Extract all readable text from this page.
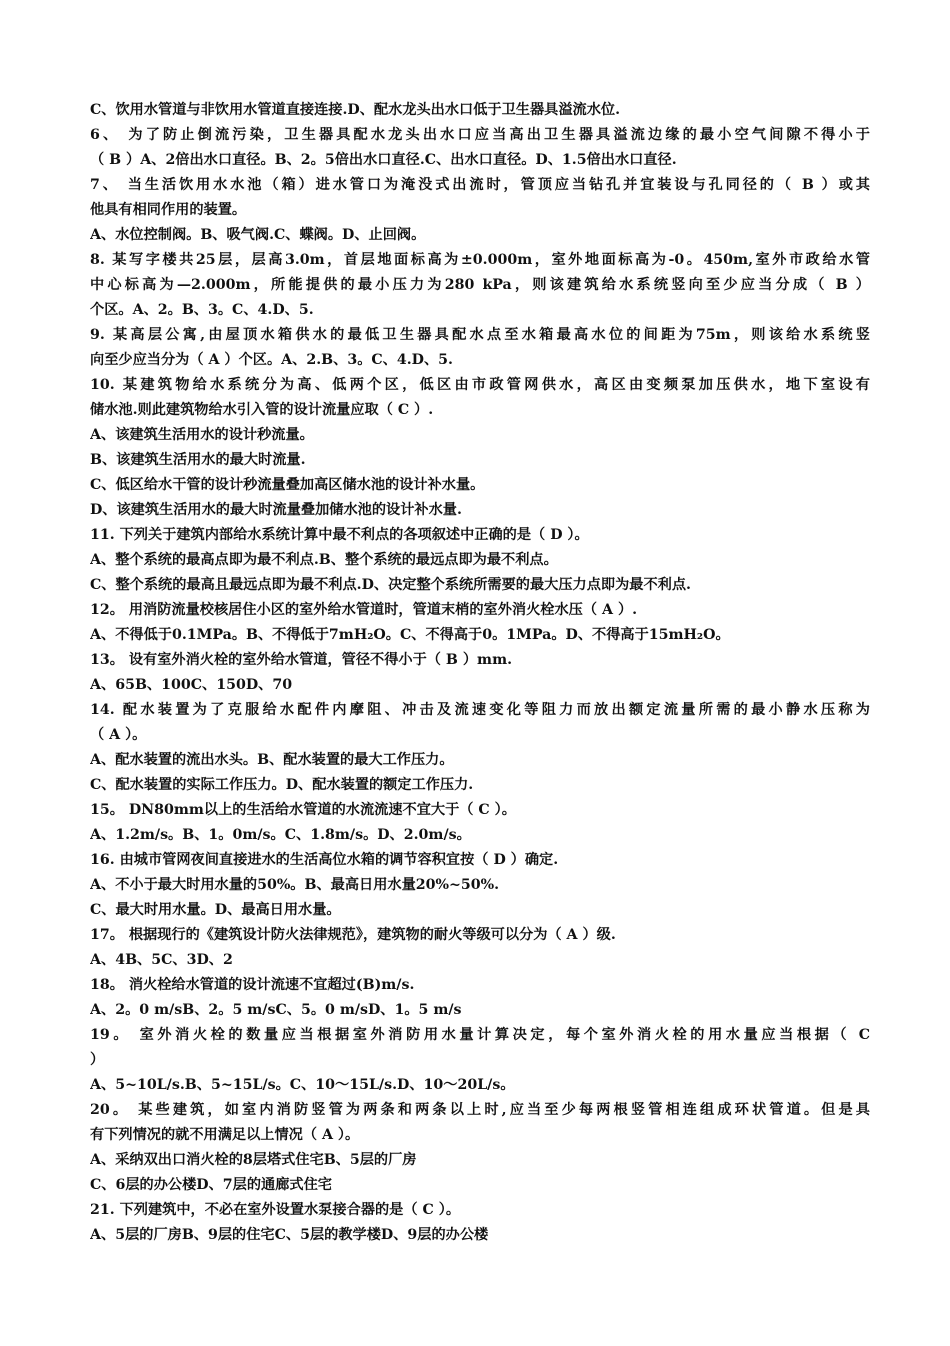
C、饮用水管道与非饮用水管道直接连接.D、配水龙头出水口低于卫生器具溢流水位.
6、 为了防止倒流污染，卫生器具配水龙头出水口应当高出卫生器具溢流边缘的最小空气间隙不得小于
（ B ）A、2倍出水口直径。B、2。5倍出水口直径.C、出水口直径。D、1.5倍出水口直径.
7、 当生活饮用水水池（箱）进水管口为淹没式出流时，管顶应当钻孔并宜装设与孔同径的（ B ）或其
他具有相同作用的装置。
A、水位控制阀。B、吸气阀.C、蝶阀。D、止回阀。
8. 某写字楼共25层，层高3.0m，首层地面标高为±0.000m，室外地面标高为-0。450m,室外市政给水管
中心标高为—2.000m，所能提供的最小压力为280 kPa，则该建筑给水系统竖向至少应当分成（ B ）
个区。A、2。B、3。C、4.D、5.
9. 某高层公寓,由屋顶水箱供水的最低卫生器具配水点至水箱最高水位的间距为75m，则该给水系统竖
向至少应当分为（ A ）个区。A、2.B、3。C、4.D、5.
10. 某建筑物给水系统分为高、低两个区，低区由市政管网供水，高区由变频泵加压供水，地下室设有
储水池.则此建筑物给水引入管的设计流量应取（ C ）.
A、该建筑生活用水的设计秒流量。
B、该建筑生活用水的最大时流量.
C、低区给水干管的设计秒流量叠加高区储水池的设计补水量。
D、该建筑生活用水的最大时流量叠加储水池的设计补水量.
11. 下列关于建筑内部给水系统计算中最不利点的各项叙述中正确的是（ D ）。
A、整个系统的最高点即为最不利点.B、整个系统的最远点即为最不利点。
C、整个系统的最高且最远点即为最不利点.D、决定整个系统所需要的最大压力点即为最不利点.
12。 用消防流量校核居住小区的室外给水管道时，管道末梢的室外消火栓水压（ A ）.
A、不得低于0.1MPa。B、不得低于7mH₂O。C、不得高于0。1MPa。D、不得高于15mH₂O。
13。 设有室外消火栓的室外给水管道，管径不得小于（ B ）mm.
A、65B、100C、150D、70
14. 配水装置为了克服给水配件内摩阻、冲击及流速变化等阻力而放出额定流量所需的最小静水压称为
（ A ）。
A、配水装置的流出水头。B、配水装置的最大工作压力。
C、配水装置的实际工作压力。D、配水装置的额定工作压力.
15。 DN80mm以上的生活给水管道的水流流速不宜大于（ C ）。
A、1.2m/s。B、1。0m/s。C、1.8m/s。D、2.0m/s。
16. 由城市管网夜间直接进水的生活高位水箱的调节容积宜按（ D ）确定.
A、不小于最大时用水量的50%。B、最高日用水量20%~50%.
C、最大时用水量。D、最高日用水量。
17。 根据现行的《建筑设计防火法律规范》，建筑物的耐火等级可以分为（ A ）级.
A、4B、5C、3D、2
18。 消火栓给水管道的设计流速不宜超过(B)m/s.
A、2。0 m/sB、2。5 m/sC、5。0 m/sD、1。5 m/s
19。 室外消火栓的数量应当根据室外消防用水量计算决定，每个室外消火栓的用水量应当根据（ C
）
A、5~10L/s.B、5~15L/s。C、10～15L/s.D、10～20L/s。
20。 某些建筑，如室内消防竖管为两条和两条以上时,应当至少每两根竖管相连组成环状管道。但是具
有下列情况的就不用满足以上情况（ A ）。
A、采纳双出口消火栓的8层塔式住宅B、5层的厂房
C、6层的办公楼D、7层的通廊式住宅
21. 下列建筑中，不必在室外设置水泵接合器的是（ C ）。
A、5层的厂房B、9层的住宅C、5层的教学楼D、9层的办公楼
